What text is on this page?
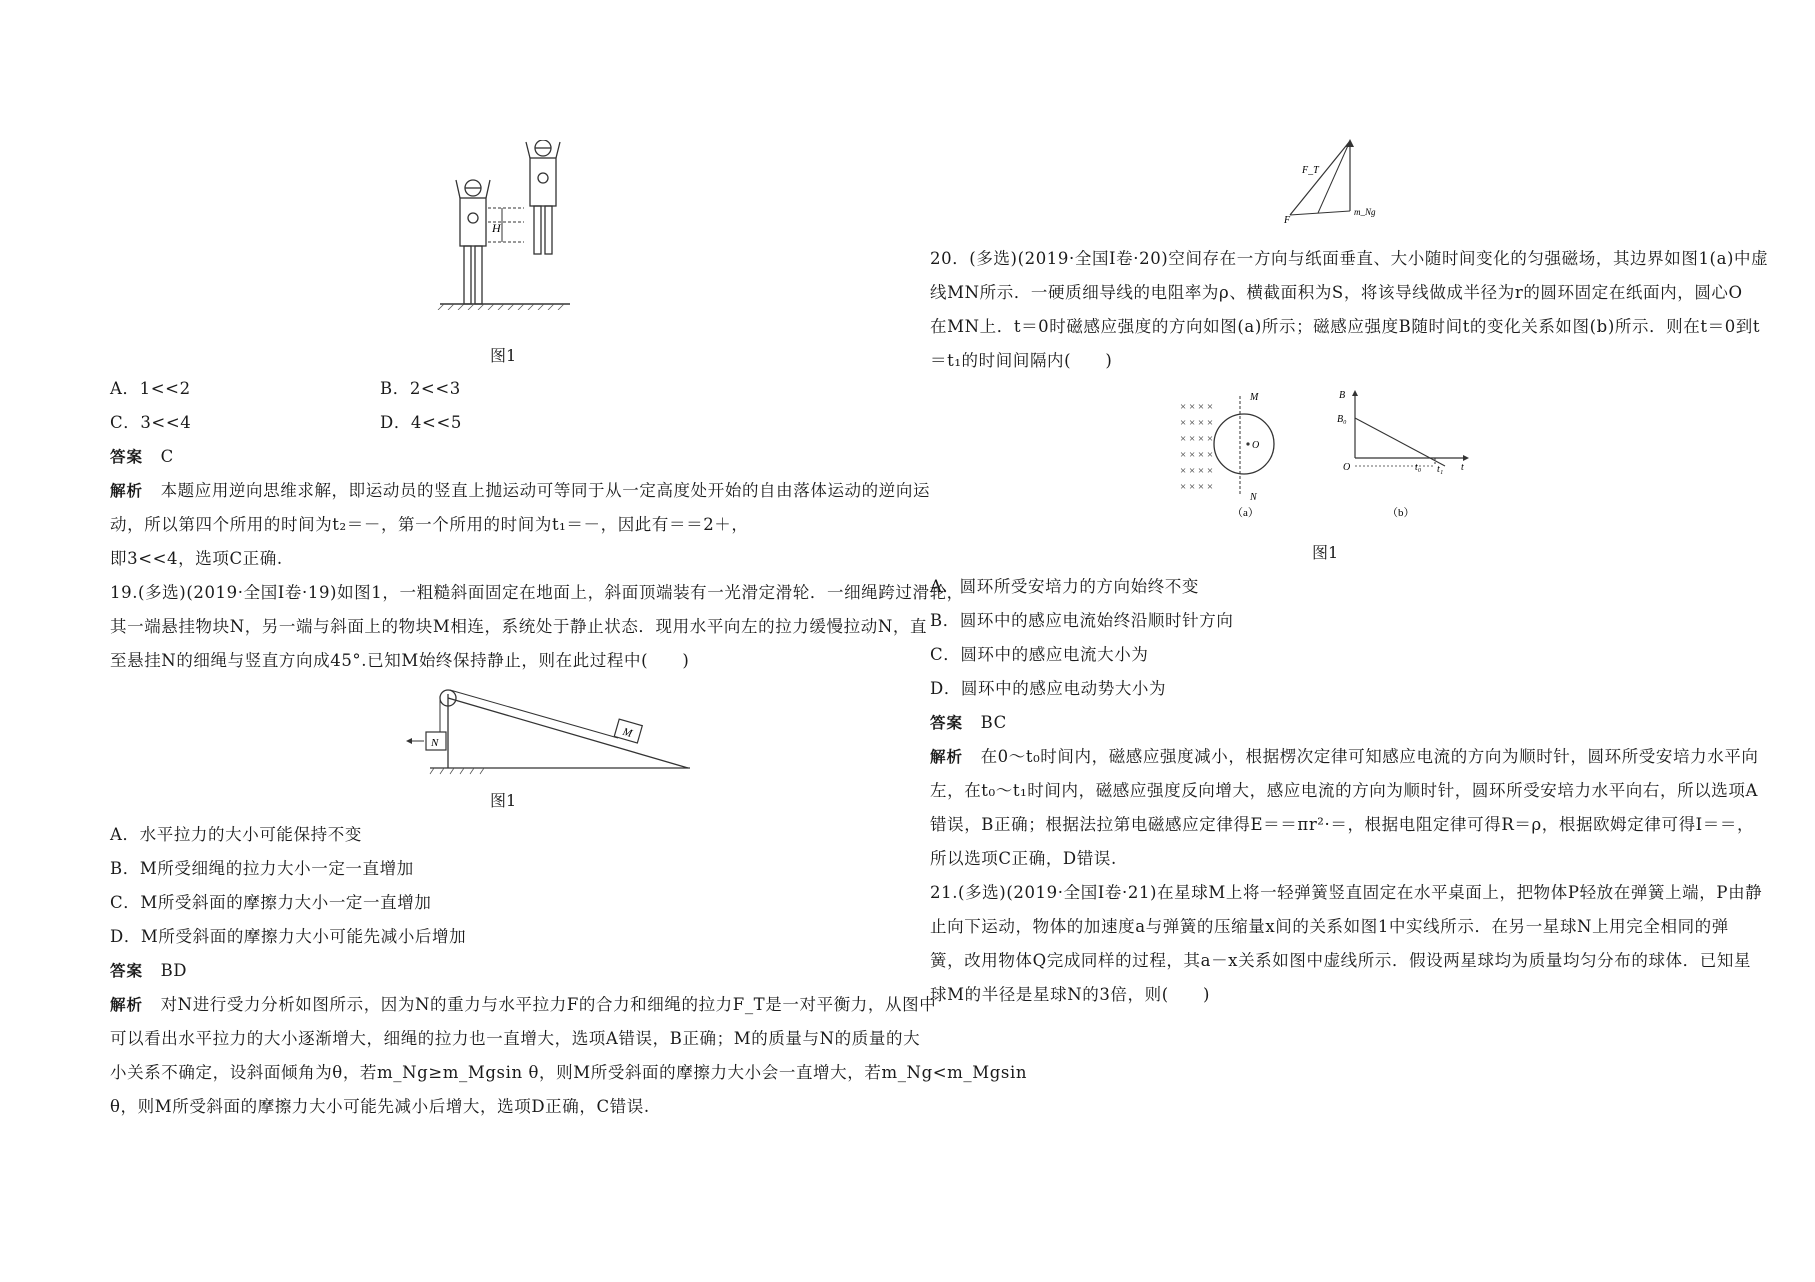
H
图1
A．1<<2	B．2<<3
C．3<<4	D．4<<5
答案 C
解析 本题应用逆向思维求解，即运动员的竖直上抛运动可等同于从一定高度处开始的自由落体运动的逆向运
动，所以第四个所用的时间为t₂＝－，第一个所用的时间为t₁＝－，因此有＝＝2＋，
即3<<4，选项C正确.
19.(多选)(2019·全国Ⅰ卷·19)如图1，一粗糙斜面固定在地面上，斜面顶端装有一光滑定滑轮．一细绳跨过滑轮，
其一端悬挂物块N，另一端与斜面上的物块M相连，系统处于静止状态．现用水平向左的拉力缓慢拉动N，直
至悬挂N的细绳与竖直方向成45°.已知M始终保持静止，则在此过程中(　　)
N
M
图1
A．水平拉力的大小可能保持不变
B．M所受细绳的拉力大小一定一直增加
C．M所受斜面的摩擦力大小一定一直增加
D．M所受斜面的摩擦力大小可能先减小后增加
答案 BD
解析 对N进行受力分析如图所示，因为N的重力与水平拉力F的合力和细绳的拉力F_T是一对平衡力，从图中
可以看出水平拉力的大小逐渐增大，细绳的拉力也一直增大，选项A错误，B正确；M的质量与N的质量的大
小关系不确定，设斜面倾角为θ，若m_Ng≥m_Mgsin θ，则M所受斜面的摩擦力大小会一直增大，若m_Ng<m_Mgsin
θ，则M所受斜面的摩擦力大小可能先减小后增大，选项D正确，C错误.
F_T
F
m_Ng
20．(多选)(2019·全国Ⅰ卷·20)空间存在一方向与纸面垂直、大小随时间变化的匀强磁场，其边界如图1(a)中虚
线MN所示．一硬质细导线的电阻率为ρ、横截面积为S，将该导线做成半径为r的圆环固定在纸面内，圆心O
在MN上．t＝0时磁感应强度的方向如图(a)所示；磁感应强度B随时间t的变化关系如图(b)所示．则在t＝0到t
＝t₁的时间间隔内(　　)
× × × ×
× × × ×
× × × ×
× × × ×
× × × ×
× × × ×
M
N
O
（a）
B
B₀
O	t₀ t₁ t
（b）
图1
A．圆环所受安培力的方向始终不变
B．圆环中的感应电流始终沿顺时针方向
C．圆环中的感应电流大小为
D．圆环中的感应电动势大小为
答案 BC
解析 在0～t₀时间内，磁感应强度减小，根据楞次定律可知感应电流的方向为顺时针，圆环所受安培力水平向
左，在t₀～t₁时间内，磁感应强度反向增大，感应电流的方向为顺时针，圆环所受安培力水平向右，所以选项A
错误，B正确；根据法拉第电磁感应定律得E＝＝πr²·＝，根据电阻定律可得R＝ρ，根据欧姆定律可得I＝＝，
所以选项C正确，D错误.
21.(多选)(2019·全国Ⅰ卷·21)在星球M上将一轻弹簧竖直固定在水平桌面上，把物体P轻放在弹簧上端，P由静
止向下运动，物体的加速度a与弹簧的压缩量x间的关系如图1中实线所示．在另一星球N上用完全相同的弹
簧，改用物体Q完成同样的过程，其a－x关系如图中虚线所示．假设两星球均为质量均匀分布的球体．已知星
球M的半径是星球N的3倍，则(　　)
